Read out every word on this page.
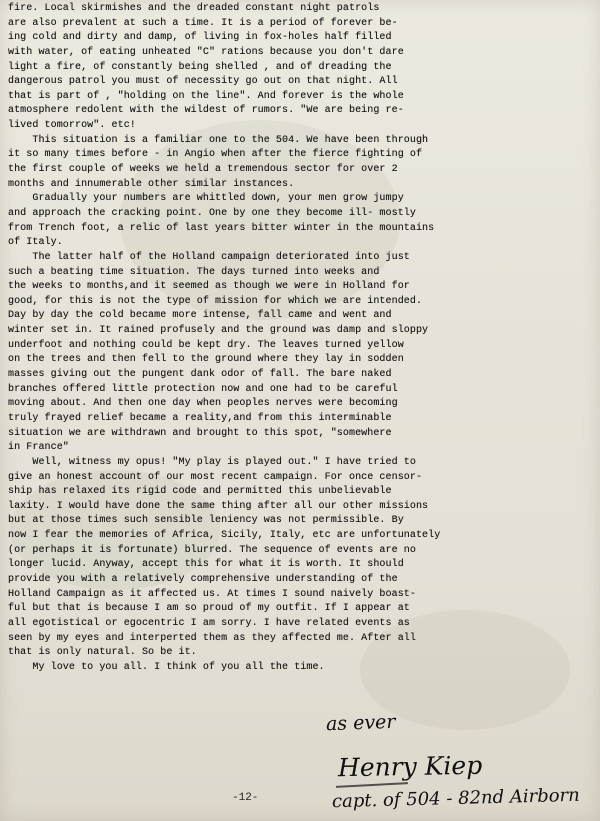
fire. Local skirmishes and the dreaded constant night patrols
are also prevalent at such a time. It is a period of forever be-
ing cold and dirty and damp, of living in fox-holes half filled
with water, of eating unheated "C" rations because you don't dare
light a fire, of constantly being shelled , and of dreading the
dangerous patrol you must of necessity go out on that night. All
that is part of , "holding on the line". And forever is the whole
atmosphere redolent with the wildest of rumors. "We are being re-
lived tomorrow". etc!
This situation is a familiar one to the 504. We have been through
it so many times before - in Angio when after the fierce fighting of
the first couple of weeks we held a tremendous sector for over 2
months and innumerable other similar instances.
Gradually your numbers are whittled down, your men grow jumpy
and approach the cracking point. One by one they become ill- mostly
from Trench foot, a relic of last years bitter winter in the mountains
of Italy.
The latter half of the Holland campaign deteriorated into just
such a beating time situation. The days turned into weeks and
the weeks to months,and it seemed as though we were in Holland for
good, for this is not the type of mission for which we are intended.
Day by day the cold became more intense, fall came and went and
winter set in. It rained profusely and the ground was damp and sloppy
underfoot and nothing could be kept dry. The leaves turned yellow
on the trees and then fell to the ground where they lay in sodden
masses giving out the pungent dank odor of fall. The bare naked
branches offered little protection now and one had to be careful
moving about. And then one day when peoples nerves were becoming
truly frayed relief became a reality,and from this interminable
situation we are withdrawn and brought to this spot, "somewhere
in France"
Well, witness my opus! "My play is played out." I have tried to
give an honest account of our most recent campaign. For once censor-
ship has relaxed its rigid code and permitted this unbelievable
laxity. I would have done the same thing after all our other missions
but at those times such sensible leniency was not permissible. By
now I fear the memories of Africa, Sicily, Italy, etc are unfortunately
(or perhaps it is fortunate) blurred. The sequence of events are no
longer lucid. Anyway, accept this for what it is worth. It should
provide you with a relatively comprehensive understanding of the
Holland Campaign as it affected us. At times I sound naively boast-
ful but that is because I am so proud of my outfit. If I appear at
all egotistical or egocentric I am sorry. I have related events as
seen by my eyes and interperted them as they affected me. After all
that is only natural. So be it.
My love to you all. I think of you all the time.
as ever
Henry Kiep
capt. of 504 - 82nd Airborn
-12-
